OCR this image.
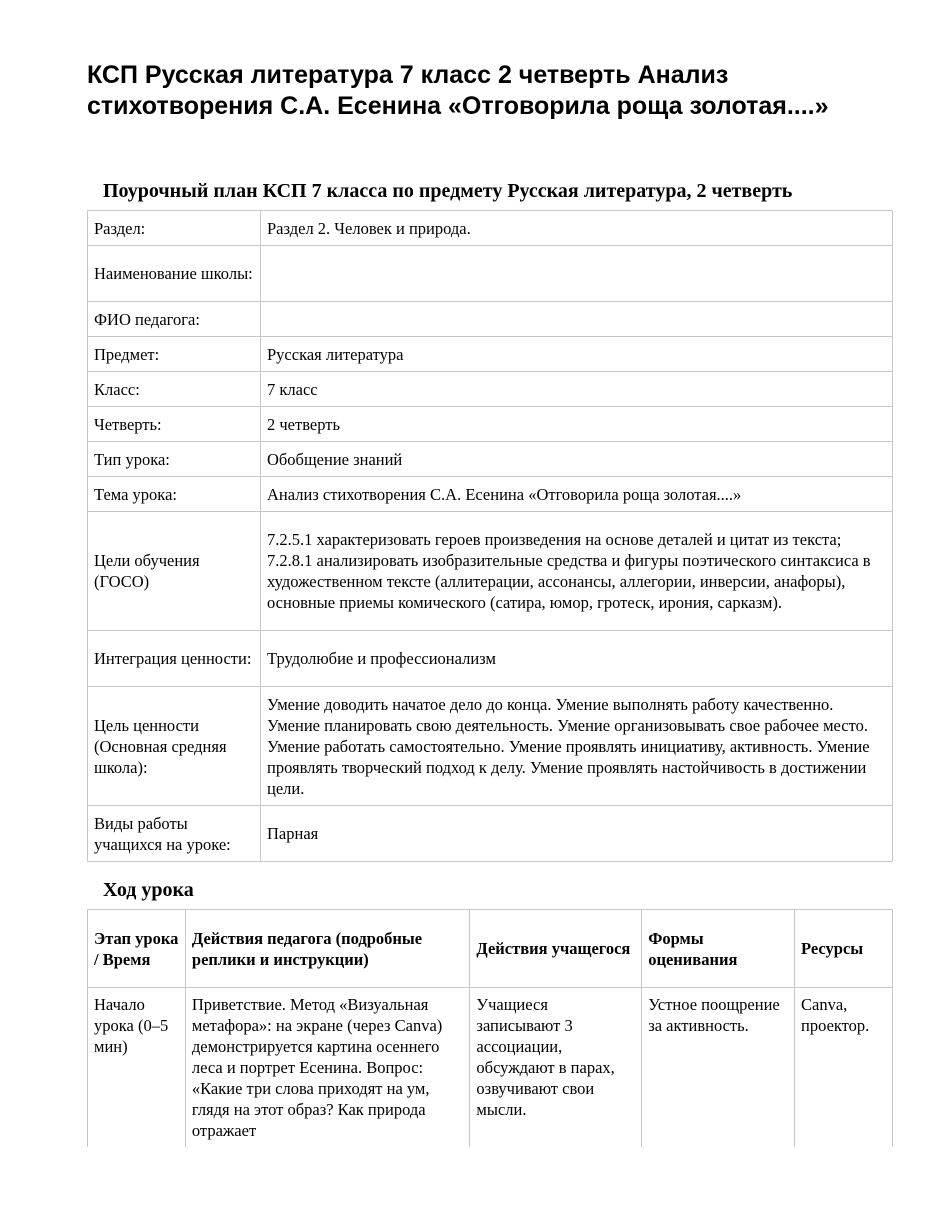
КСП Русская литература 7 класс 2 четверть Анализ стихотворения С.А. Есенина «Отговорила роща золотая....»
Поурочный план КСП 7 класса по предмету Русская литература, 2 четверть
Раздел:	Раздел 2. Человек и природа.
Наименование школы:	
ФИО педагога:	
Предмет:	Русская литература
Класс:	7 класс
Четверть:	2 четверть
Тип урока:	Обобщение знаний
Тема урока:	Анализ стихотворения С.А. Есенина «Отговорила роща золотая....»
Цели обучения (ГОСО)	7.2.5.1 характеризовать героев произведения на основе деталей и цитат из текста; 7.2.8.1 анализировать изобразительные средства и фигуры поэтического синтаксиса в художественном тексте (аллитерации, ассонансы, аллегории, инверсии, анафоры), основные приемы комического (сатира, юмор, гротеск, ирония, сарказм).
Интеграция ценности:	Трудолюбие и профессионализм
Цель ценности (Основная средняя школа):	Умение доводить начатое дело до конца. Умение выполнять работу качественно. Умение планировать свою деятельность. Умение организовывать свое рабочее место. Умение работать самостоятельно. Умение проявлять инициативу, активность. Умение проявлять творческий подход к делу. Умение проявлять настойчивость в достижении цели.
Виды работы учащихся на уроке:	Парная
Ход урока
Этап урока / Время	Действия педагога (подробные реплики и инструкции)	Действия учащегося	Формы оценивания	Ресурсы
Начало урока (0–5 мин)	Приветствие. Метод «Визуальная метафора»: на экране (через Canva) демонстрируется картина осеннего леса и портрет Есенина. Вопрос: «Какие три слова приходят на ум, глядя на этот образ? Как природа отражает	Учащиеся записывают 3 ассоциации, обсуждают в парах, озвучивают свои мысли.	Устное поощрение за активность.	Canva, проектор.
